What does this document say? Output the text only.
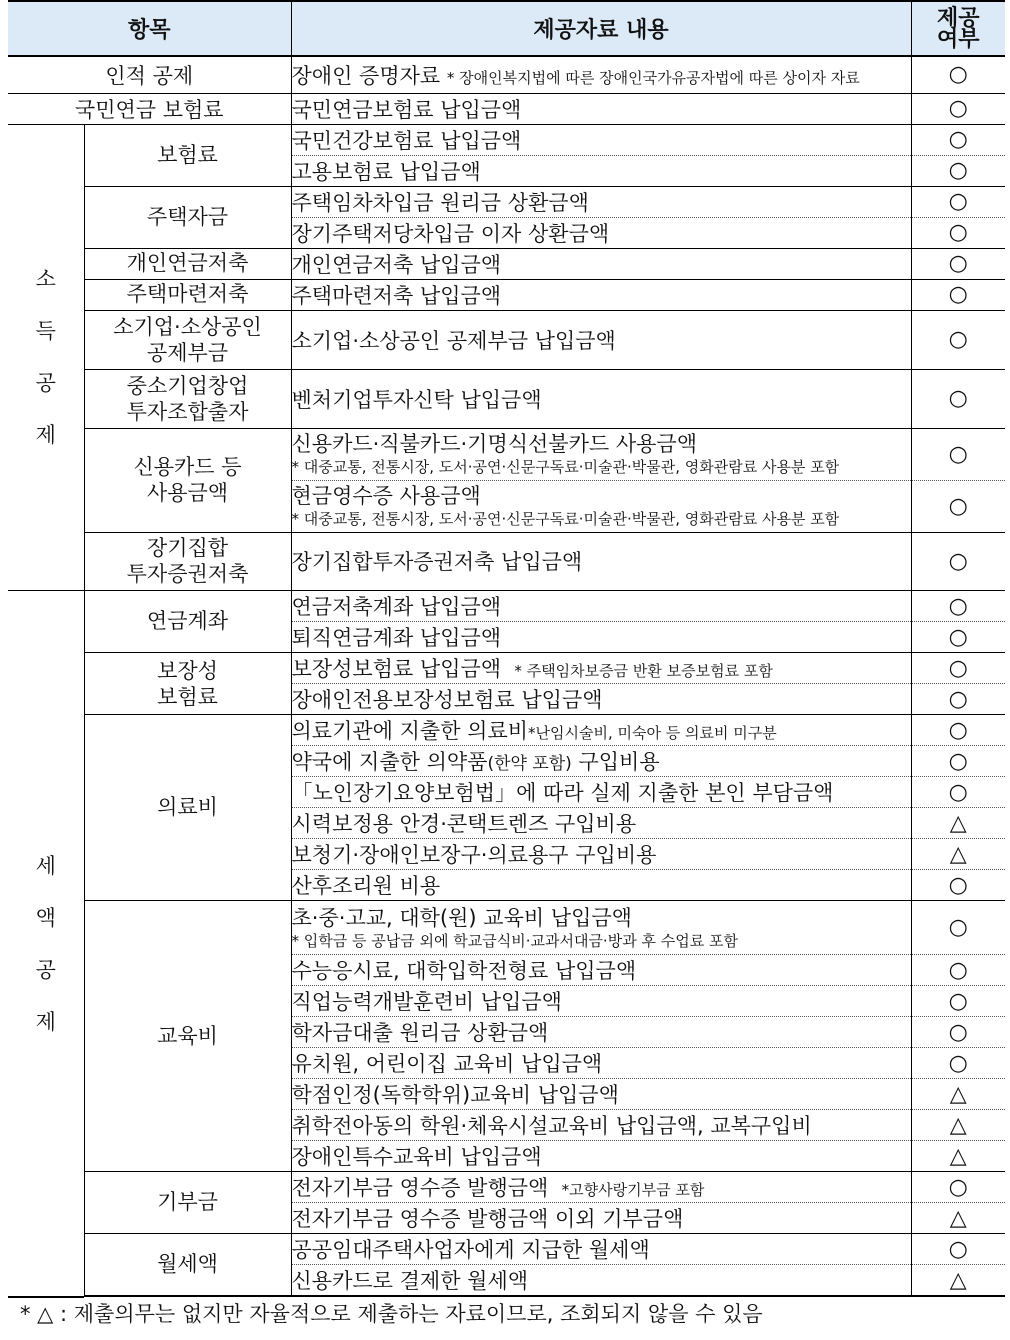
항목		제공자료 내용	제공
여부

인적 공제		장애인 증명자료 * 장애인복지법에 따른 장애인국가유공자법에 따른 상이자 자료	○
국민연금 보험료		국민연금보험료 납입금액	○

소

득

공

제	보험료	국민건강보험료 납입금액	○
		고용보험료 납입금액	○
	주택자금	주택임차차입금 원리금 상환금액	○
		장기주택저당차입금 이자 상환금액	○
	개인연금저축	개인연금저축 납입금액	○
	주택마련저축	주택마련저축 납입금액	○

	소기업·소상공인
공제부금	소기업·소상공인 공제부금 납입금액	○

	중소기업창업
투자조합출자	벤처기업투자신탁 납입금액	○

	신용카드 등
사용금액	신용카드·직불카드·기명식선불카드 사용금액
* 대중교통, 전통시장, 도서·공연·신문구독료·미술관·박물관, 영화관람료 사용분 포함	○

		현금영수증 사용금액
* 대중교통, 전통시장, 도서·공연·신문구독료·미술관·박물관, 영화관람료 사용분 포함	○

	장기집합
투자증권저축	장기집합투자증권저축 납입금액	○

세

액

공

제	연금계좌	연금저축계좌 납입금액	○
		퇴직연금계좌 납입금액	○

	보장성
보험료	보장성보험료 납입금액 * 주택임차보증금 반환 보증보험료 포함	○
		장애인전용보장성보험료 납입금액	○
	의료비	의료기관에 지출한 의료비*난임시술비, 미숙아 등 의료비 미구분	○
		약국에 지출한 의약품(한약 포함) 구입비용	○
		「노인장기요양보험법」에 따라 실제 지출한 본인 부담금액	○
		시력보정용 안경·콘택트렌즈 구입비용	△
		보청기·장애인보장구·의료용구 구입비용	△
		산후조리원 비용	○
	교육비	초·중·고교, 대학(원) 교육비 납입금액
* 입학금 등 공납금 외에 학교급식비·교과서대금·방과 후 수업료 포함	○
		수능응시료, 대학입학전형료 납입금액	○
		직업능력개발훈련비 납입금액	○
		학자금대출 원리금 상환금액	○
		유치원, 어린이집 교육비 납입금액	○
		학점인정(독학학위)교육비 납입금액	△
		취학전아동의 학원·체육시설교육비 납입금액, 교복구입비	△
		장애인특수교육비 납입금액	△
	기부금	전자기부금 영수증 발행금액 *고향사랑기부금 포함	○
		전자기부금 영수증 발행금액 이외 기부금액	△
	월세액	공공임대주택사업자에게 지급한 월세액	○
		신용카드로 결제한 월세액	△

* △ : 제출의무는 없지만 자율적으로 제출하는 자료이므로, 조회되지 않을 수 있음
